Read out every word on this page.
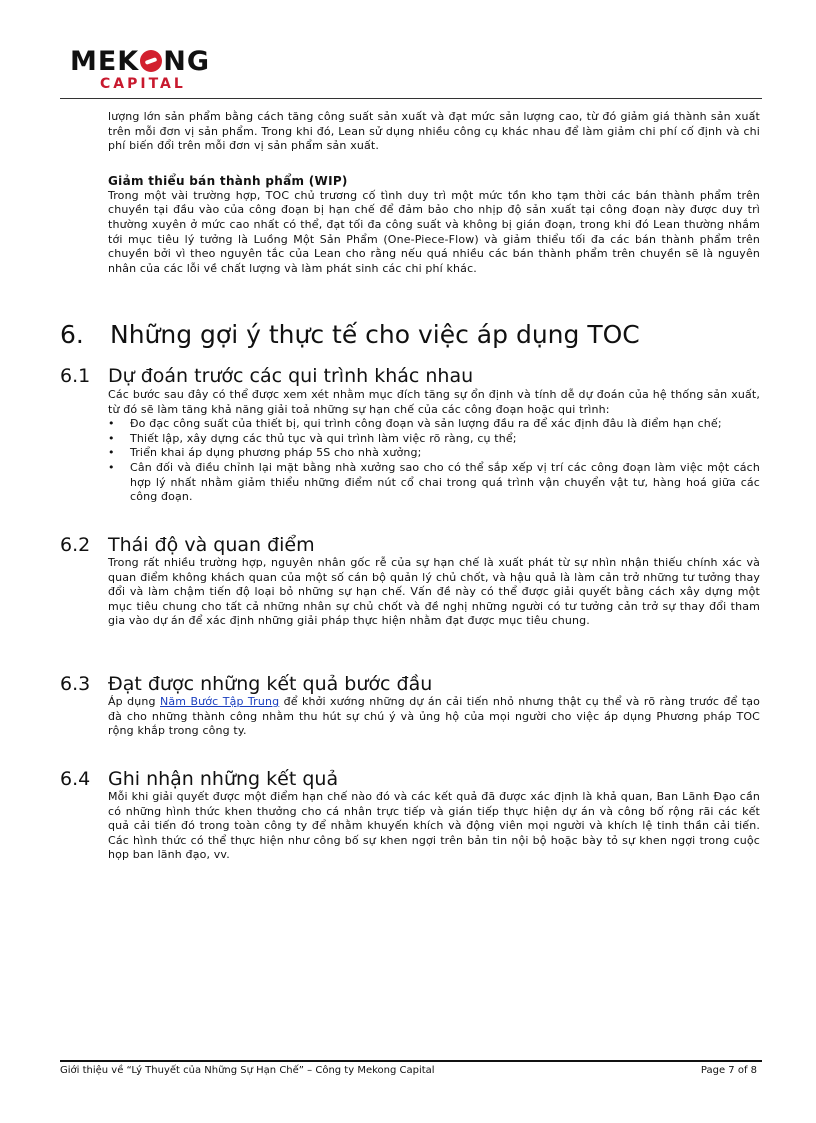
MEK NG
CAPITAL

lượng lớn sản phẩm bằng cách tăng công suất sản xuất và đạt mức sản lượng cao, từ đó giảm giá thành sản xuất trên mỗi đơn vị sản phẩm. Trong khi đó, Lean sử dụng nhiều công cụ khác nhau để làm giảm chi phí cố định và chi phí biến đổi trên mỗi đơn vị sản phẩm sản xuất.

Giảm thiểu bán thành phẩm (WIP)

Trong một vài trường hợp, TOC chủ trương cố tình duy trì một mức tồn kho tạm thời các bán thành phẩm trên chuyền tại đầu vào của công đoạn bị hạn chế để đảm bảo cho nhịp độ sản xuất tại công đoạn này được duy trì thường xuyên ở mức cao nhất có thể, đạt tối đa công suất và không bị gián đoạn, trong khi đó Lean thường nhắm tới mục tiêu lý tưởng là Luồng Một Sản Phẩm (One-Piece-Flow) và giảm thiểu tối đa các bán thành phẩm trên chuyền bởi vì theo nguyên tắc của Lean cho rằng nếu quá nhiều các bán thành phẩm trên chuyền sẽ là nguyên nhân của các lỗi về chất lượng và làm phát sinh các chi phí khác.

6. Những gợi ý thực tế cho việc áp dụng TOC
6.1 Dự đoán trước các qui trình khác nhau

Các bước sau đây có thể được xem xét nhằm mục đích tăng sự ổn định và tính dễ dự đoán của hệ thống sản xuất, từ đó sẽ làm tăng khả năng giải toả những sự hạn chế của các công đoạn hoặc qui trình:

• Đo đạc công suất của thiết bị, qui trình công đoạn và sản lượng đầu ra để xác định đâu là điểm hạn chế;
• Thiết lập, xây dựng các thủ tục và qui trình làm việc rõ ràng, cụ thể;
• Triển khai áp dụng phương pháp 5S cho nhà xưởng;
• Cân đối và điều chỉnh lại mặt bằng nhà xưởng sao cho có thể sắp xếp vị trí các công đoạn làm việc một cách hợp lý nhất nhằm giảm thiểu những điểm nút cổ chai trong quá trình vận chuyển vật tư, hàng hoá giữa các công đoạn.
6.2 Thái độ và quan điểm

Trong rất nhiều trường hợp, nguyên nhân gốc rễ của sự hạn chế là xuất phát từ sự nhìn nhận thiếu chính xác và quan điểm không khách quan của một số cán bộ quản lý chủ chốt, và hậu quả là làm cản trở những tư tưởng thay đổi và làm chậm tiến độ loại bỏ những sự hạn chế. Vấn đề này có thể được giải quyết bằng cách xây dựng một mục tiêu chung cho tất cả những nhân sự chủ chốt và đề nghị những người có tư tưởng cản trở sự thay đổi tham gia vào dự án để xác định những giải pháp thực hiện nhằm đạt được mục tiêu chung.

6.3 Đạt được những kết quả bước đầu

Áp dụng Năm Bước Tập Trung để khởi xướng những dự án cải tiến nhỏ nhưng thật cụ thể và rõ ràng trước để tạo đà cho những thành công nhằm thu hút sự chú ý và ủng hộ của mọi người cho việc áp dụng Phương pháp TOC rộng khắp trong công ty.

6.4 Ghi nhận những kết quả

Mỗi khi giải quyết được một điểm hạn chế nào đó và các kết quả đã được xác định là khả quan, Ban Lãnh Đạo cần có những hình thức khen thưởng cho cá nhân trực tiếp và gián tiếp thực hiện dự án và công bố rộng rãi các kết quả cải tiến đó trong toàn công ty để nhằm khuyến khích và động viên mọi người và khích lệ tinh thần cải tiến. Các hình thức có thể thực hiện như công bố sự khen ngợi trên bản tin nội bộ hoặc bày tỏ sự khen ngợi trong cuộc họp ban lãnh đạo, vv.

Giới thiệu về “Lý Thuyết của Những Sự Hạn Chế” – Công ty Mekong Capital	Page 7 of 8
